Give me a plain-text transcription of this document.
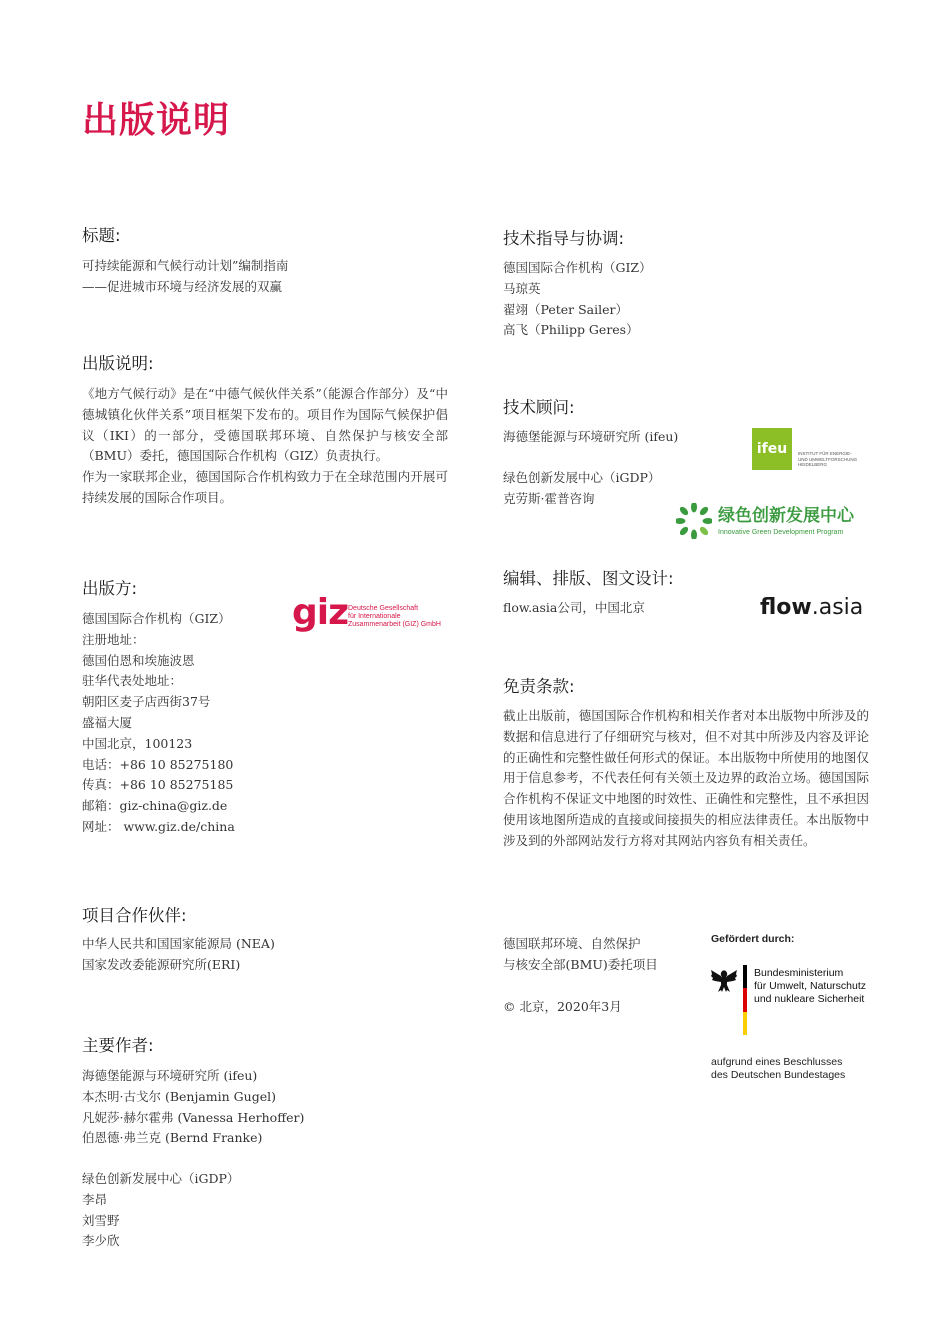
出版说明
标题:
可持续能源和气候行动计划”编制指南
——促进城市环境与经济发展的双赢
出版说明:
《地方气候行动》是在“中德气候伙伴关系”（能源合作部分）及“中德城镇化伙伴关系”项目框架下发布的。项目作为国际气候保护倡议（IKI）的一部分，受德国联邦环境、自然保护与核安全部（BMU）委托，德国国际合作机构（GIZ）负责执行。
作为一家联邦企业，德国国际合作机构致力于在全球范围内开展可持续发展的国际合作项目。
出版方:
德国国际合作机构（GIZ）
注册地址：
德国伯恩和埃施波恩
驻华代表处地址：
朝阳区麦子店西街37号
盛福大厦
中国北京，100123
电话：+86 10 85275180
传真：+86 10 85275185
邮箱：giz-china@giz.de
网址： www.giz.de/china
giz Deutsche Gesellschaft
für Internationale
Zusammenarbeit (GIZ) GmbH
项目合作伙伴:
中华人民共和国国家能源局 (NEA)
国家发改委能源研究所(ERI)
主要作者:
海德堡能源与环境研究所 (ifeu)
本杰明·古戈尔 (Benjamin Gugel)
凡妮莎·赫尔霍弗 (Vanessa Herhoffer)
伯恩德·弗兰克 (Bernd Franke)
绿色创新发展中心（iGDP）
李昂
刘雪野
李少欣
技术指导与协调:
德国国际合作机构（GIZ）
马琼英
翟翊（Peter Sailer）
高飞（Philipp Geres）
技术顾问:
海德堡能源与环境研究所 (ifeu)
绿色创新发展中心（iGDP）
克劳斯·霍普咨询
ifeu	INSTITUT FÜR ENERGIE-
UND UMWELTFORSCHUNG
HEIDELBERG
绿色创新发展中心
Innovative Green Development Program
编辑、排版、图文设计:
flow.asia公司，中国北京	flow.asia
免责条款:
截止出版前，德国国际合作机构和相关作者对本出版物中所涉及的数据和信息进行了仔细研究与核对，但不对其中所涉及内容及评论的正确性和完整性做任何形式的保证。本出版物中所使用的地图仅用于信息参考，不代表任何有关领土及边界的政治立场。德国国际合作机构不保证文中地图的时效性、正确性和完整性，且不承担因使用该地图所造成的直接或间接损失的相应法律责任。本出版物中涉及到的外部网站发行方将对其网站内容负有相关责任。
德国联邦环境、自然保护
与核安全部(BMU)委托项目
© 北京，2020年3月
Gefördert durch:
Bundesministerium
für Umwelt, Naturschutz
und nukleare Sicherheit
aufgrund eines Beschlusses
des Deutschen Bundestages
